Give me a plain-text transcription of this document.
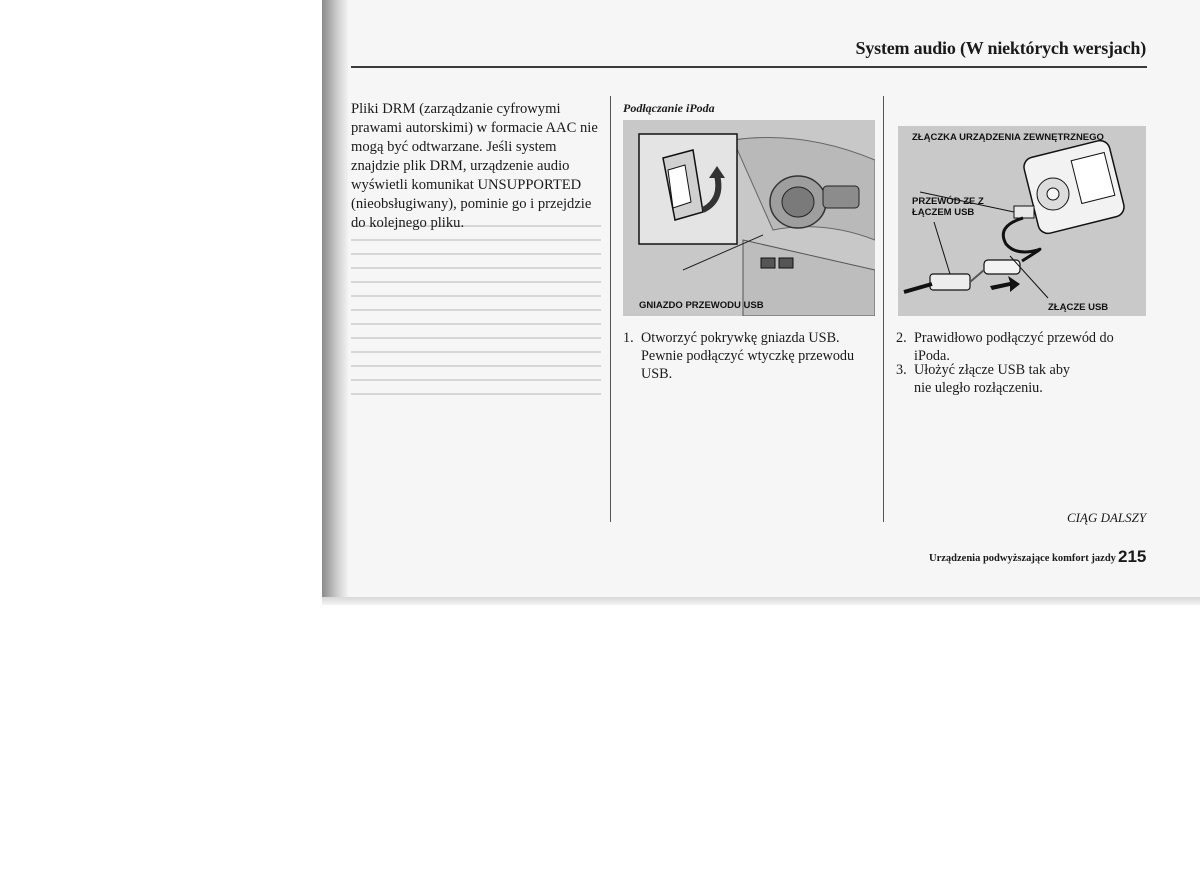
System audio (W niektórych wersjach)
Pliki DRM (zarządzanie cyfrowymi prawami autorskimi) w formacie AAC nie mogą być odtwarzane. Jeśli system znajdzie plik DRM, urządzenie audio wyświetli komunikat UNSUPPORTED (nieobsługiwany), pominie go i przejdzie do kolejnego pliku.
Podłączanie iPoda
GNIAZDO PRZEWODU USB
ZŁĄCZKA URZĄDZENIA ZEWNĘTRZNEGO
PRZEWÓD ZE Z ŁĄCZEM USB
ZŁĄCZE USB
1. Otworzyć pokrywkę gniazda USB. Pewnie podłączyć wtyczkę przewodu USB.
2. Prawidłowo podłączyć przewód do iPoda.
3. Ułożyć złącze USB tak aby nie uległo rozłączeniu.
CIĄG DALSZY
Urządzenia podwyższające komfort jazdy 215
